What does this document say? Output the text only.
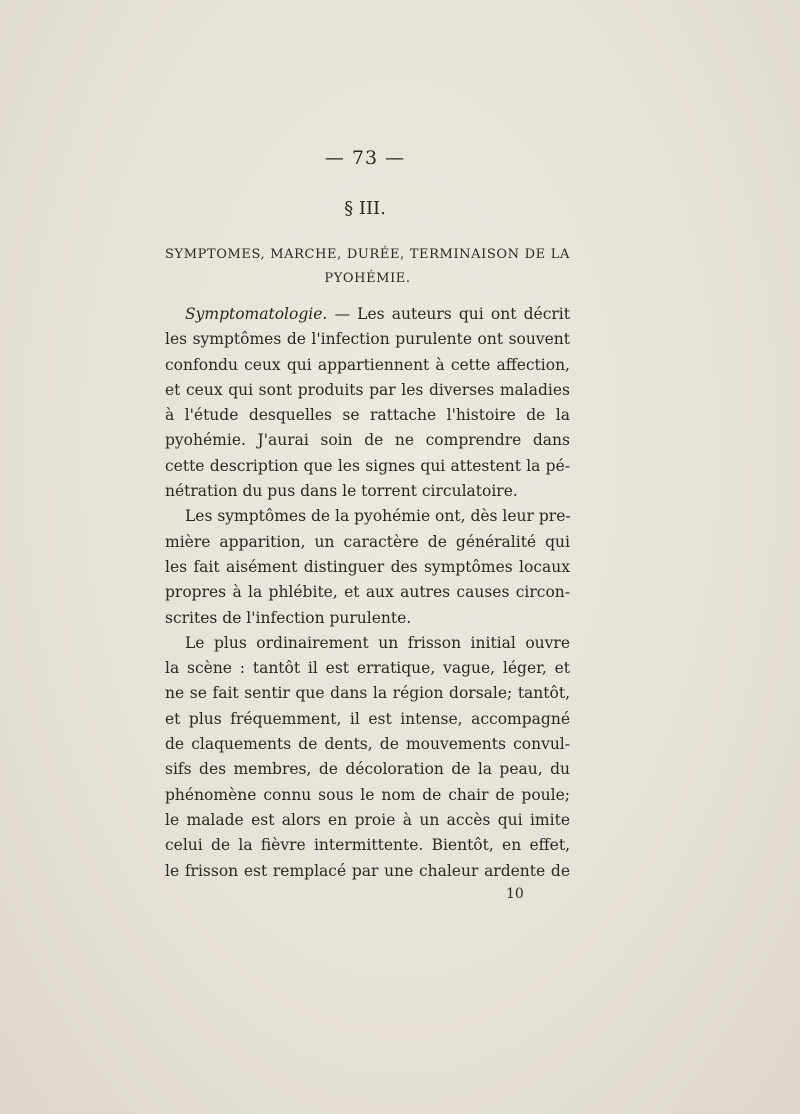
— 73 —
§ III.
SYMPTOMES, MARCHE, DURÉE, TERMINAISON DE LA PYOHÉMIE.
Symptomatologie. — Les auteurs qui ont décrit
les symptômes de l'infection purulente ont souvent
confondu ceux qui appartiennent à cette affection,
et ceux qui sont produits par les diverses maladies
à l'étude desquelles se rattache l'histoire de la
pyohémie. J'aurai soin de ne comprendre dans
cette description que les signes qui attestent la pé-
nétration du pus dans le torrent circulatoire.
Les symptômes de la pyohémie ont, dès leur pre-
mière apparition, un caractère de généralité qui
les fait aisément distinguer des symptômes locaux
propres à la phlébite, et aux autres causes circon-
scrites de l'infection purulente.
Le plus ordinairement un frisson initial ouvre
la scène : tantôt il est erratique, vague, léger, et
ne se fait sentir que dans la région dorsale; tantôt,
et plus fréquemment, il est intense, accompagné
de claquements de dents, de mouvements convul-
sifs des membres, de décoloration de la peau, du
phénomène connu sous le nom de chair de poule;
le malade est alors en proie à un accès qui imite
celui de la fièvre intermittente. Bientôt, en effet,
le frisson est remplacé par une chaleur ardente de
10
